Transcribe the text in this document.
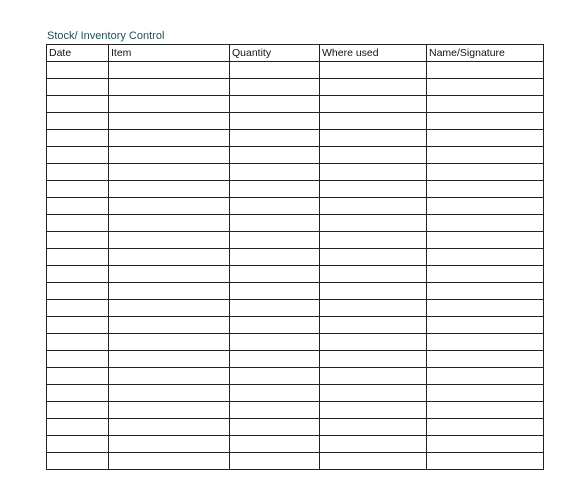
Stock/ Inventory Control
Date	Item	Quantity	Where used	Name/Signature
